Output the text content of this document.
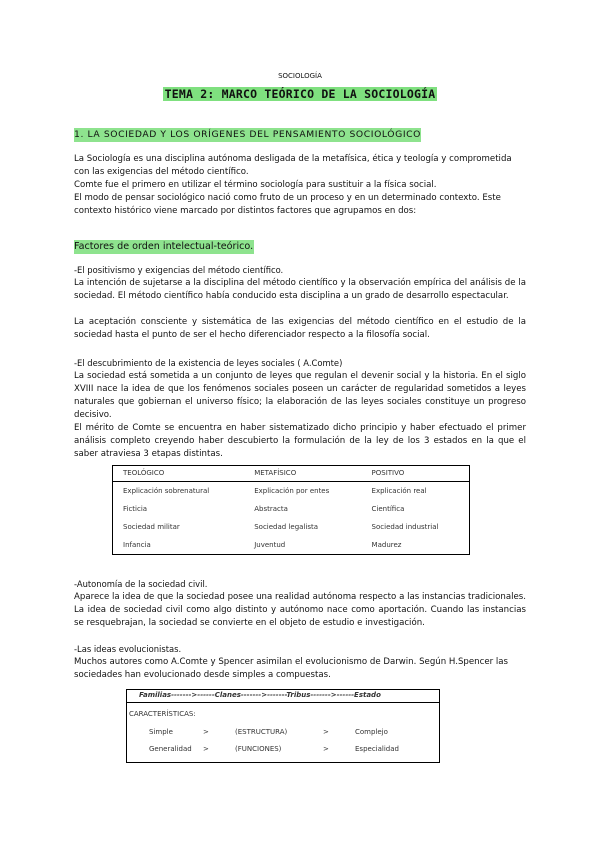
SOCIOLOGÍA
TEMA 2: MARCO TEÓRICO DE LA SOCIOLOGÍA
1. LA SOCIEDAD Y LOS ORÍGENES DEL PENSAMIENTO SOCIOLÓGICO
La Sociología es una disciplina autónoma desligada de la metafísica, ética y teología y comprometida con las exigencias del método científico.
Comte fue el primero en utilizar el término sociología para sustituir a la física social.
El modo de pensar sociológico nació como fruto de un proceso y en un determinado contexto. Este contexto histórico viene marcado por distintos factores que agrupamos en dos:
Factores de orden intelectual-teórico.
-El positivismo y exigencias del método científico.
La intención de sujetarse a la disciplina del método científico y la observación empírica del análisis de la sociedad. El método científico había conducido esta disciplina a un grado de desarrollo espectacular.
La aceptación consciente y sistemática de las exigencias del método científico en el estudio de la sociedad hasta el punto de ser el hecho diferenciador respecto a la filosofía social.
-El descubrimiento de la existencia de leyes sociales ( A.Comte)
La sociedad está sometida a un conjunto de leyes que regulan el devenir social y la historia. En el siglo XVIII nace la idea de que los fenómenos sociales poseen un carácter de regularidad sometidos a leyes naturales que gobiernan el universo físico; la elaboración de las leyes sociales constituye un progreso decisivo.
El mérito de Comte se encuentra en haber sistematizado dicho principio y haber efectuado el primer análisis completo creyendo haber descubierto la formulación de la ley de los 3 estados en la que el saber atraviesa 3 etapas distintas.
TEOLÓGICO	METAFÍSICO	POSITIVO
Explicación sobrenatural	Explicación por entes	Explicación real
Ficticia	Abstracta	Científica
Sociedad militar	Sociedad legalista	Sociedad industrial
Infancia	Juventud	Madurez
-Autonomía de la sociedad civil.
Aparece la idea de que la sociedad posee una realidad autónoma respecto a las instancias tradicionales. La idea de sociedad civil como algo distinto y autónomo nace como aportación. Cuando las instancias se resquebrajan, la sociedad se convierte en el objeto de estudio e investigación.
-Las ideas evolucionistas.
Muchos autores como A.Comte y Spencer asimilan el evolucionismo de Darwin. Según H.Spencer las sociedades han evolucionado desde simples a compuestas.
Familias------->------Clanes------->-------Tribus------->------Estado
CARACTERÍSTICAS:
Simple	>	(ESTRUCTURA)	>	Complejo
Generalidad >	(FUNCIONES)	>	Especialidad
